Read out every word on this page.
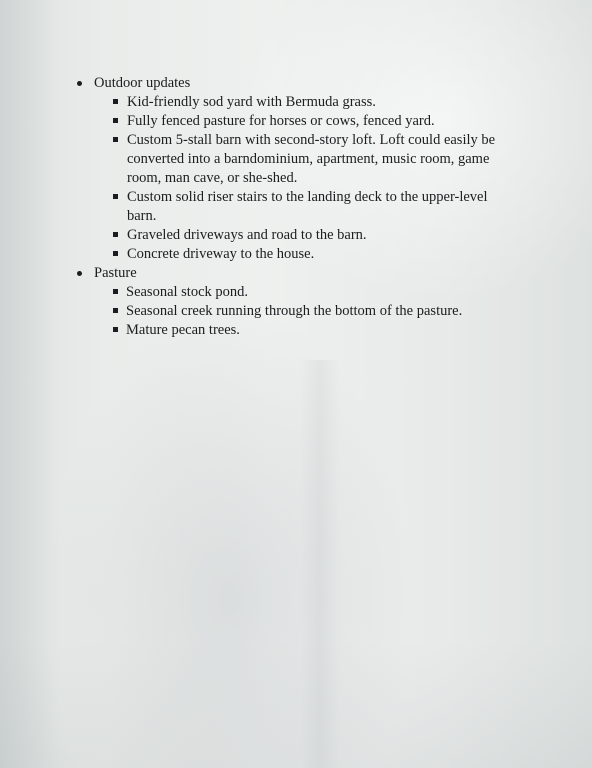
Outdoor updates
Kid-friendly sod yard with Bermuda grass.
Fully fenced pasture for horses or cows, fenced yard.
Custom 5-stall barn with second-story loft. Loft could easily be converted into a barndominium, apartment, music room, game room, man cave, or she-shed.
Custom solid riser stairs to the landing deck to the upper-level barn.
Graveled driveways and road to the barn.
Concrete driveway to the house.
Pasture
Seasonal stock pond.
Seasonal creek running through the bottom of the pasture.
Mature pecan trees.
